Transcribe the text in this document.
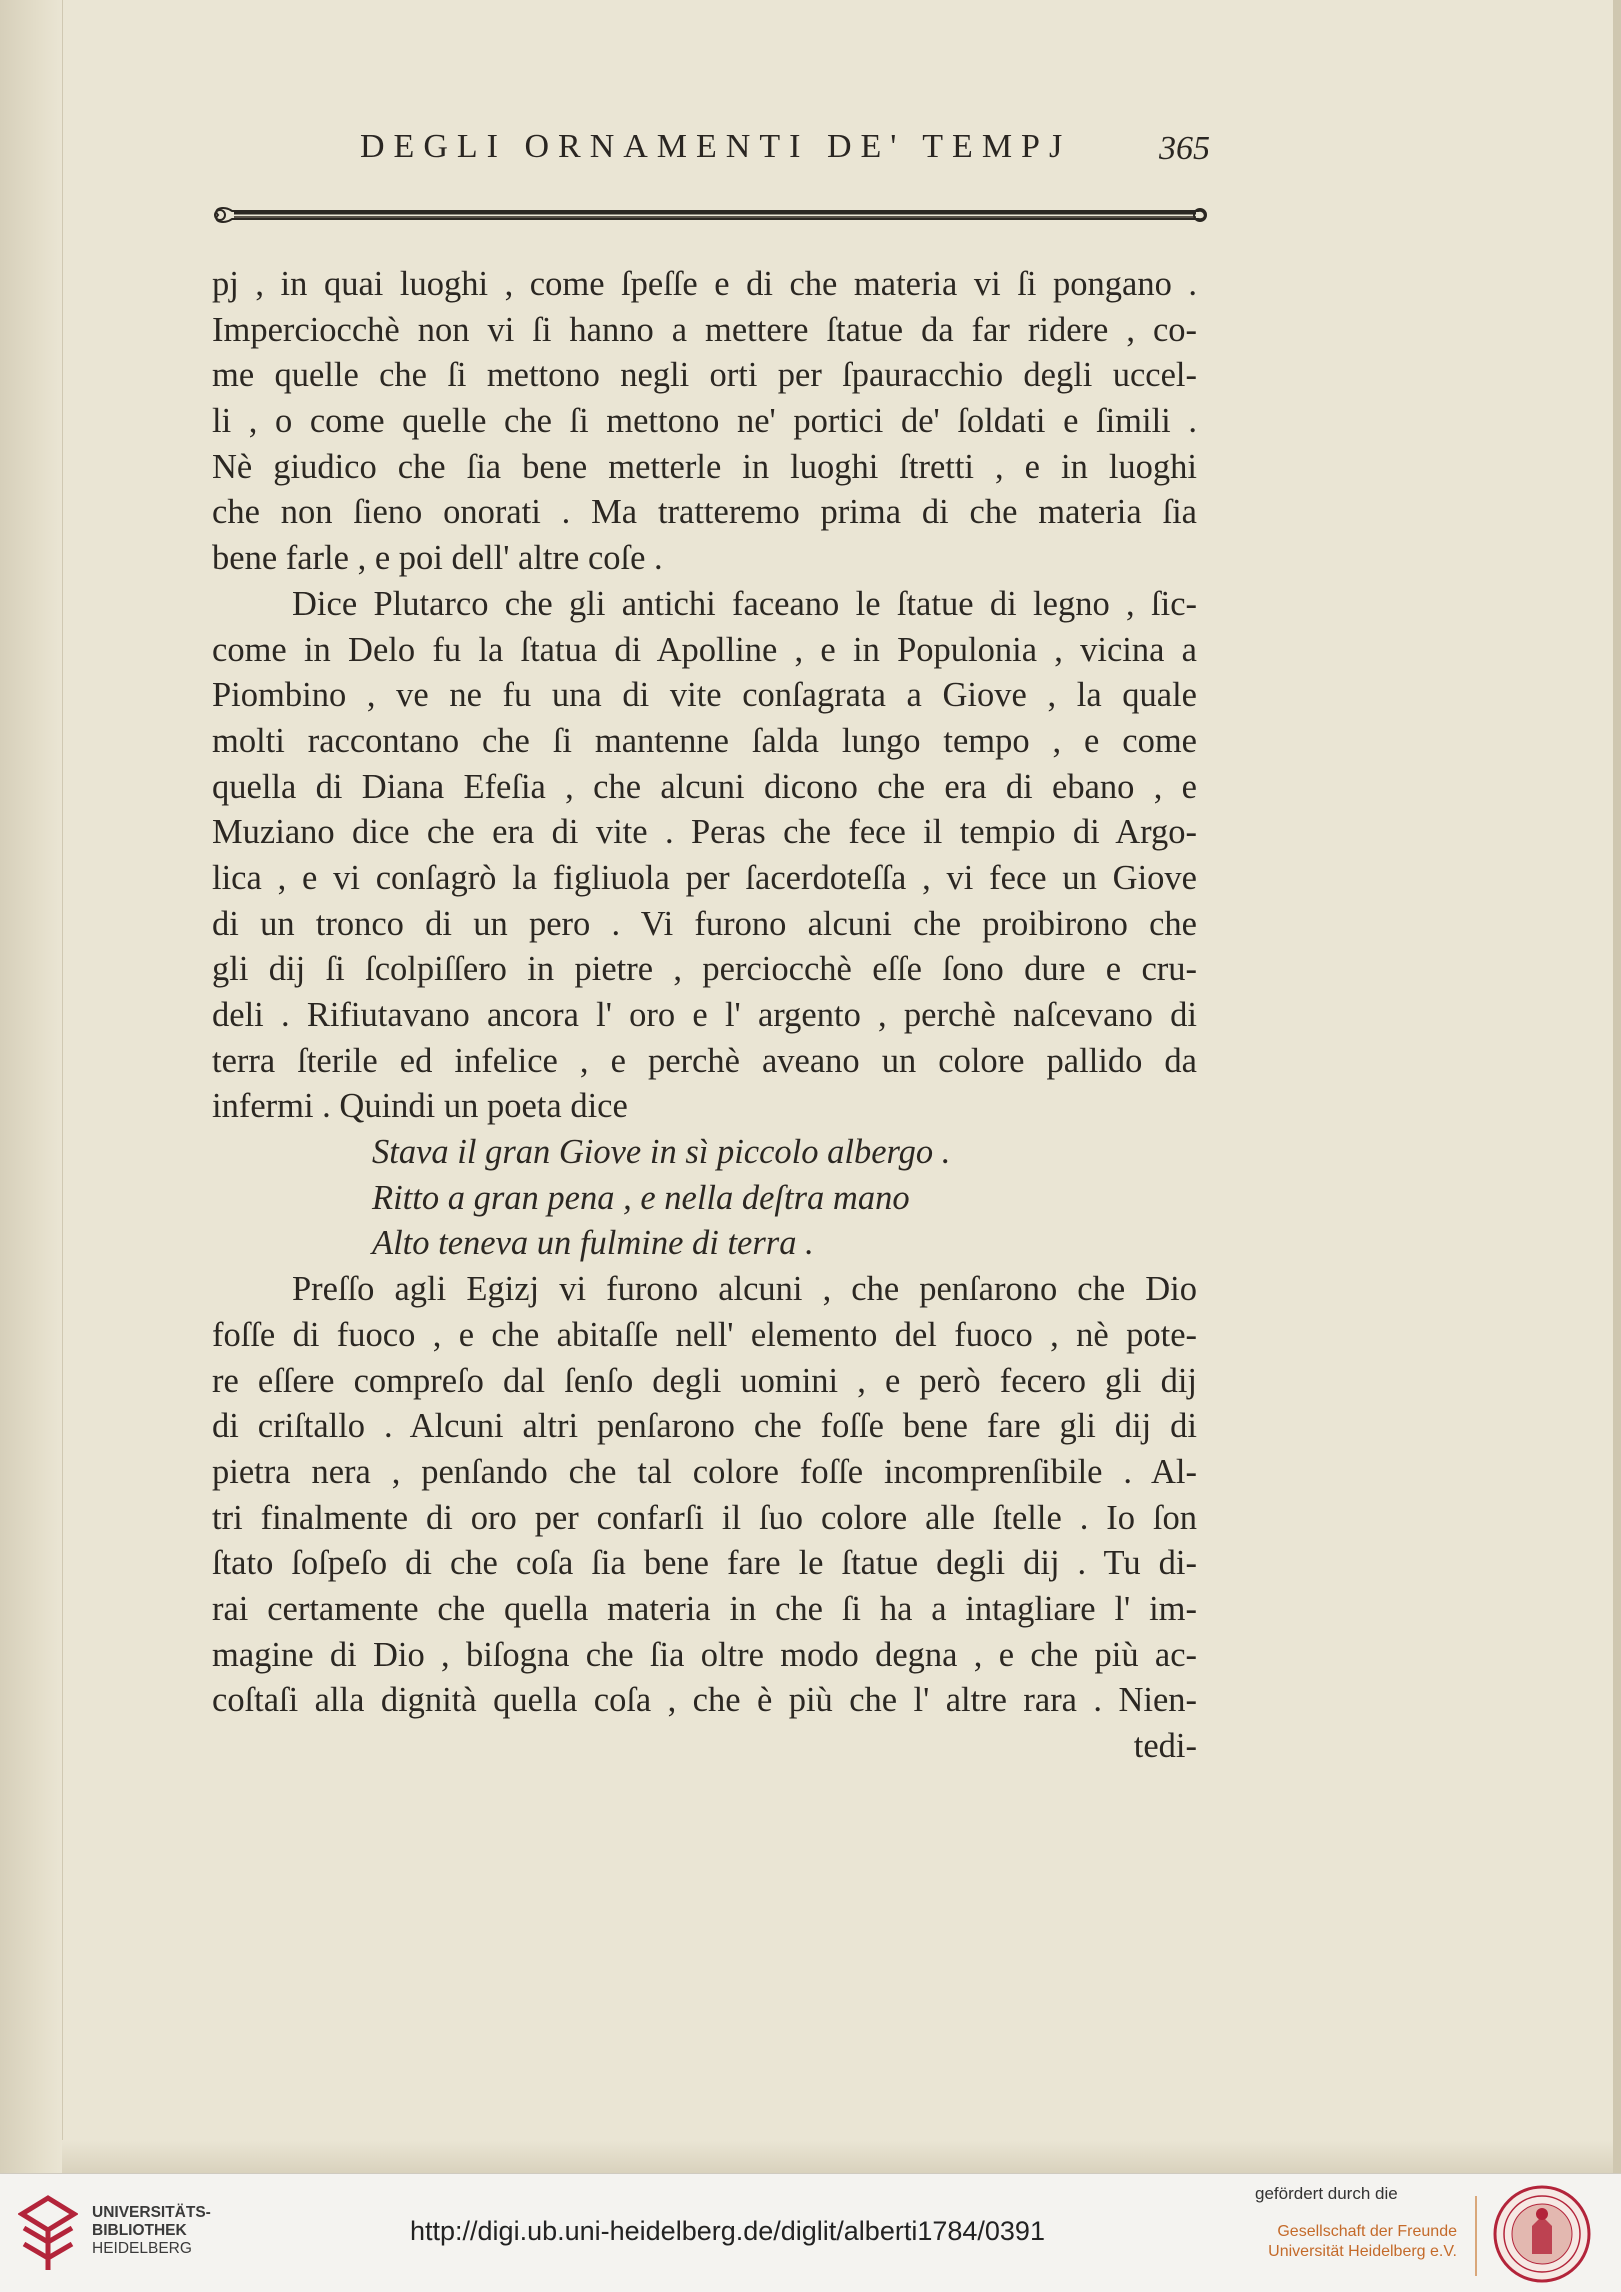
DEGLI ORNAMENTI DE' TEMPJ	365
pj , in quai luoghi , come ſpeſſe e di che materia vi ſi pongano .
Imperciocchè non vi ſi hanno a mettere ſtatue da far ridere , co-
me quelle che ſi mettono negli orti per ſpauracchio degli uccel-
li , o come quelle che ſi mettono ne' portici de' ſoldati e ſimili .
Nè giudico che ſia bene metterle in luoghi ſtretti , e in luoghi
che non ſieno onorati . Ma tratteremo prima di che materia ſia
bene farle , e poi dell' altre coſe .
Dice Plutarco che gli antichi faceano le ſtatue di legno , ſic-
come in Delo fu la ſtatua di Apolline , e in Populonia , vicina a
Piombino , ve ne fu una di vite conſagrata a Giove , la quale
molti raccontano che ſi mantenne ſalda lungo tempo , e come
quella di Diana Efeſia , che alcuni dicono che era di ebano , e
Muziano dice che era di vite . Peras che fece il tempio di Argo-
lica , e vi conſagrò la figliuola per ſacerdoteſſa , vi fece un Giove
di un tronco di un pero . Vi furono alcuni che proibirono che
gli dij ſi ſcolpiſſero in pietre , perciocchè eſſe ſono dure e cru-
deli . Rifiutavano ancora l' oro e l' argento , perchè naſcevano di
terra ſterile ed infelice , e perchè aveano un colore pallido da
infermi . Quindi un poeta dice
Stava il gran Giove in sì piccolo albergo .
Ritto a gran pena , e nella deſtra mano
Alto teneva un fulmine di terra .
Preſſo agli Egizj vi furono alcuni , che penſarono che Dio
foſſe di fuoco , e che abitaſſe nell' elemento del fuoco , nè pote-
re eſſere compreſo dal ſenſo degli uomini , e però fecero gli dij
di criſtallo . Alcuni altri penſarono che foſſe bene fare gli dij di
pietra nera , penſando che tal colore foſſe incomprenſibile . Al-
tri finalmente di oro per confarſi il ſuo colore alle ſtelle . Io ſon
ſtato ſoſpeſo di che coſa ſia bene fare le ſtatue degli dij . Tu di-
rai certamente che quella materia in che ſi ha a intagliare l' im-
magine di Dio , biſogna che ſia oltre modo degna , e che più ac-
coſtaſi alla dignità quella coſa , che è più che l' altre rara . Nien-
tedi-
UNIVERSITÄTS-
BIBLIOTHEK
HEIDELBERG
http://digi.ub.uni-heidelberg.de/diglit/alberti1784/0391
gefördert durch die
Gesellschaft der Freunde
Universität Heidelberg e.V.
